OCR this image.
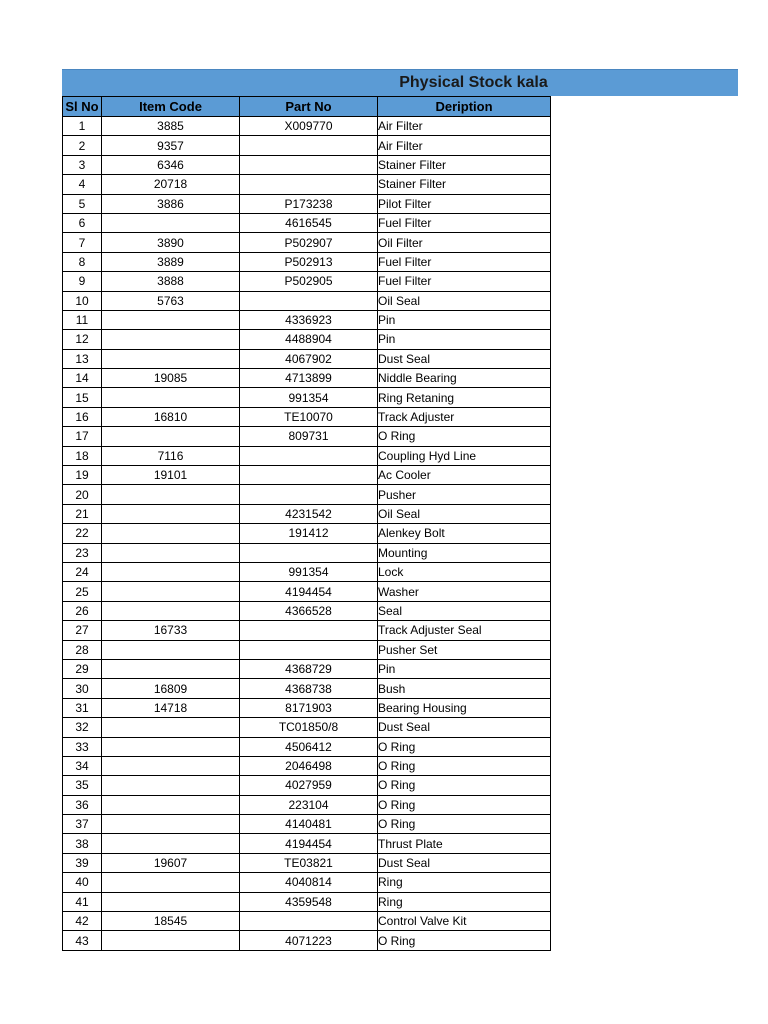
Physical Stock kala
Sl No	Item Code	Part No	Deription
1	3885	X009770	Air Filter
2	9357		Air Filter
3	6346		Stainer Filter
4	20718		Stainer Filter
5	3886	P173238	Pilot Filter
6		4616545	Fuel Filter
7	3890	P502907	Oil Filter
8	3889	P502913	Fuel Filter
9	3888	P502905	Fuel Filter
10	5763		Oil Seal
11		4336923	Pin
12		4488904	Pin
13		4067902	Dust Seal
14	19085	4713899	Niddle Bearing
15		991354	Ring Retaning
16	16810	TE10070	Track Adjuster
17		809731	O Ring
18	7116		Coupling Hyd Line
19	19101		Ac Cooler
20			Pusher
21		4231542	Oil Seal
22		191412	Alenkey Bolt
23			Mounting
24		991354	Lock
25		4194454	Washer
26		4366528	Seal
27	16733		Track Adjuster Seal
28			Pusher Set
29		4368729	Pin
30	16809	4368738	Bush
31	14718	8171903	Bearing Housing
32		TC01850/8	Dust Seal
33		4506412	O Ring
34		2046498	O Ring
35		4027959	O Ring
36		223104	O Ring
37		4140481	O Ring
38		4194454	Thrust Plate
39	19607	TE03821	Dust Seal
40		4040814	Ring
41		4359548	Ring
42	18545		Control Valve Kit
43		4071223	O Ring
